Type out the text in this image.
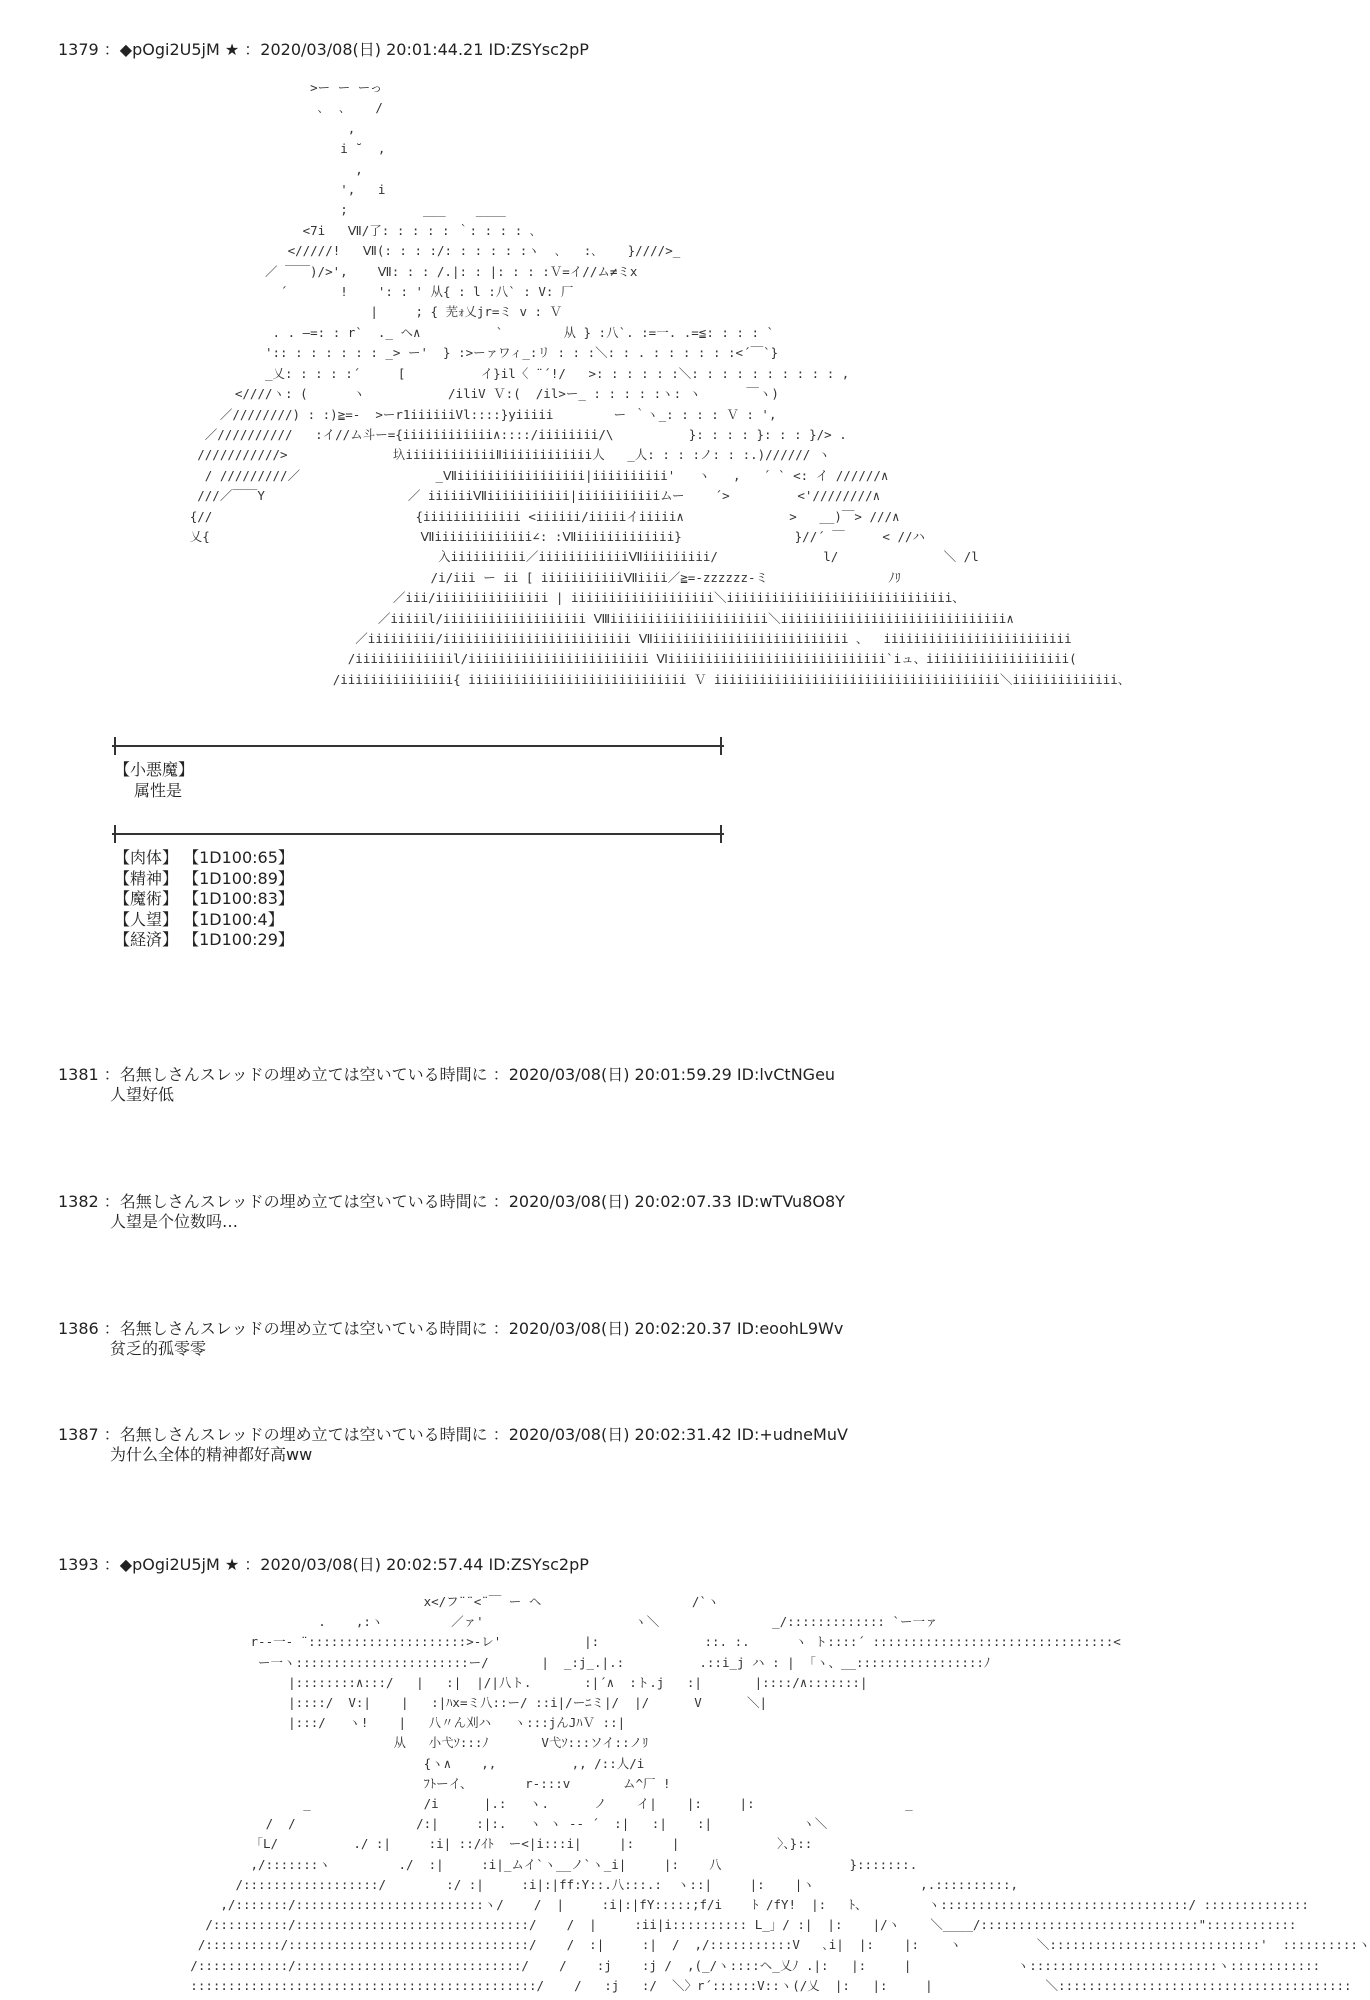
1379 ：◆pOgi2U5jM ★ ：2020/03/08(日) 20:01:44.21 ID:ZSYsc2pP
>ー ー ーっ
､  ､    /
,
i ˘  ,
,
',   i
;          ___    ____
<7i   Ⅶ/了: : : : : ｀: : : : ､
</////!   Ⅶ(: : : :/: : : : : :ヽ  ､   :､    }////>_
／ ￣￣)/>',    Ⅶ: : : /.|: : |: : : :Ｖ=イ//ム≠ミx
´       !    ': : ' 从{ : l :八` : V: 厂
|     ; { 芜ｫ乂jr=ミ v : Ｖ
. . —=: : r`  ._ ヘ∧          `        从 } :八`. :=一. .=≦: : : : `
':: : : : : : : _> ー'  } :>ーァワィ_:リ : : :＼: : . : : : : : :<´￣`}
_乂: : : : :´     [          イ}il〈 ¨´!/   >: : : : : :＼: : : : : : : : : : ,
<////ヽ: (      ヽ           /iliV Ｖ:(  /il>ー_ : : : : :ヽ: ヽ      ￣ヽ)
／////////) : :)≧=-  >ーr1iiiiiiVl::::}yiiiii        ー ｀ヽ_: : : : Ｖ : ',
／//////////   :イ//ム斗ー={iiiiiiiiiiii∧::::/iiiiiiii/\          }: : : : }: : : }/> .
///////////>              圦iiiiiiiiiiiiⅡiiiiiiiiiiii人   _人: : : :ノ: : :.)////// ヽ
/ /////////／                  _Ⅶiiiiiiiiiiiiiiiii|iiiiiiiiii'   ヽ   ,   ´ ` <: イ //////∧
///／￣￣Y                   ／ iiiiiiⅦiiiiiiiiiii|iiiiiiiiiiiムー    ´>         <'////////∧
{//                           {iiiiiiiiiiiii <iiiiii/iiiiiイiiiii∧              >   __)￣> ///∧
乂{                            Ⅶiiiiiiiiiiiii∠: :Ⅶiiiiiiiiiiiii}               }//´ ￣     < //ハ
入iiiiiiiiii／iiiiiiiiiiiiⅦiiiiiiiii/              l/              ＼ /l
/i/iii ー ii [ iiiiiiiiiiiⅦiiii／≧=-zzzzzz-ミ                ﾉﾘ
／iii/iiiiiiiiiiiiiii | iiiiiiiiiiiiiiiiiii＼iiiiiiiiiiiiiiiiiiiiiiiiiiiiii、
／iiiiil/iiiiiiiiiiiiiiiiiii Ⅷiiiiiiiiiiiiiiiiiiiii＼iiiiiiiiiiiiiiiiiiiiiiiiiiiiii∧
／iiiiiiiii/iiiiiiiiiiiiiiiiiiiiiiiii Ⅶiiiiiiiiiiiiiiiiiiiiiiiiii 、  iiiiiiiiiiiiiiiiiiiiiiiii
/iiiiiiiiiiiiil/iiiiiiiiiiiiiiiiiiiiiiii Ⅵiiiiiiiiiiiiiiiiiiiiiiiiiiiii`iュ、iiiiiiiiiiiiiiiiiii(
/iiiiiiiiiiiiiii{ iiiiiiiiiiiiiiiiiiiiiiiiiiiii Ｖ iiiiiiiiiiiiiiiiiiiiiiiiiiiiiiiiiiiiii＼iiiiiiiiiiiiii、
【小悪魔】
属性是
【肉体】 【1D100:65】
【精神】 【1D100:89】
【魔術】 【1D100:83】
【人望】 【1D100:4】
【経済】 【1D100:29】
1381 ：名無しさんスレッドの埋め立ては空いている時間に ：2020/03/08(日) 20:01:59.29 ID:lvCtNGeu
人望好低
1382 ：名無しさんスレッドの埋め立ては空いている時間に ：2020/03/08(日) 20:02:07.33 ID:wTVu8O8Y
人望是个位数吗…
1386 ：名無しさんスレッドの埋め立ては空いている時間に ：2020/03/08(日) 20:02:20.37 ID:eoohL9Wv
贫乏的孤零零
1387 ：名無しさんスレッドの埋め立ては空いている時間に ：2020/03/08(日) 20:02:31.42 ID:+udneMuV
为什么全体的精神都好高ww
1393 ：◆pOgi2U5jM ★ ：2020/03/08(日) 20:02:57.44 ID:ZSYsc2pP
x</フ¨¨<¨￣ ー ヘ                    /`ヽ
.    ,:ヽ         ／ァ'                    ヽ＼               _/::::::::::::: `ー一ァ
r-‐一‐ ¨:::::::::::::::::::::>-レ'           |:              ::. :.      ヽ ト::::´ ::::::::::::::::::::::::::::::::<
ー一ヽ:::::::::::::::::::::::ー/       |  _:j_.|.:          .::i_j ハ : |  ｢ヽ、__:::::::::::::::::ﾉ
|::::::::∧:::/   |   :|  |/|八ト.       :|´∧  :ト.j   :|       |::::/∧:::::::|
|::::/  V:|    |   :|ﾊx=ミ八::ー/ ::i|/ーﾆミ|/  |/      V      ＼|
|:::/   ヽ!    |   八〃ん刈ハ   ヽ:::jんJﾊＶ ::|
从   小弋ｿ:::ﾉ       V弋ｿ:::ソイ::ノﾘ
{ヽ∧    ,,          ,, /::人/i
ﾌﾄーイ、       r‐:::v       ム^厂 !
_               /i      |.:   ヽ.      ノ    イ|    |:     |:                    _
/  /                /:|     :|:.   ヽ ヽ -‐ ´  :|   :|    :|            ヽ＼
「L/          ./ :|     :i| ::/ｲﾄ  ー<|i:::i|     |:     |             〉、}::
,/:::::::ヽ         ./  :|     :i|_ムイ`ヽ__ノ`ヽ_i|     |:    八                 }:::::::.
/::::::::::::::::::/        :/ :|     :i|:|ff:Y::.八:::.:  ヽ::|     |:    |ヽ              ,.::::::::::,
,/:::::::/:::::::::::::::::::::::::ヽ/    /  |     :i|:|fY:::::;f/i    ﾄ /fY!  |:   ﾄ、        ヽ:::::::::::::::::::::::::::::::::/ ::::::::::::::
/::::::::::/:::::::::::::::::::::::::::::::/    /  |     :ii|i:::::::::: L_」/ :|  |:    |/ヽ    ＼____/:::::::::::::::::::::::::::::"::::::::::::
/::::::::::/::::::::::::::::::::::::::::::::/    /  :|     :|  /  ,/:::::::::::V   ､i|  |:    |:    ヽ          ＼::::::::::::::::::::::::::::'  ::::::::::ヽ
/::::::::::::/::::::::::::::::::::::::::::::/    /    :j    :j /  ,(_/ヽ::::ヘ_乂ﾉ .|:   |:     |              ヽ:::::::::::::::::::::::::ヽ::::::::::::
::::::::::::::::::::::::::::::::::::::::::::::/    /   :j   :/  ＼〉r´::::::V::ヽ(/乂  |:   |:     |               ＼:::::::::::::::::::::::::::::::::::::::
